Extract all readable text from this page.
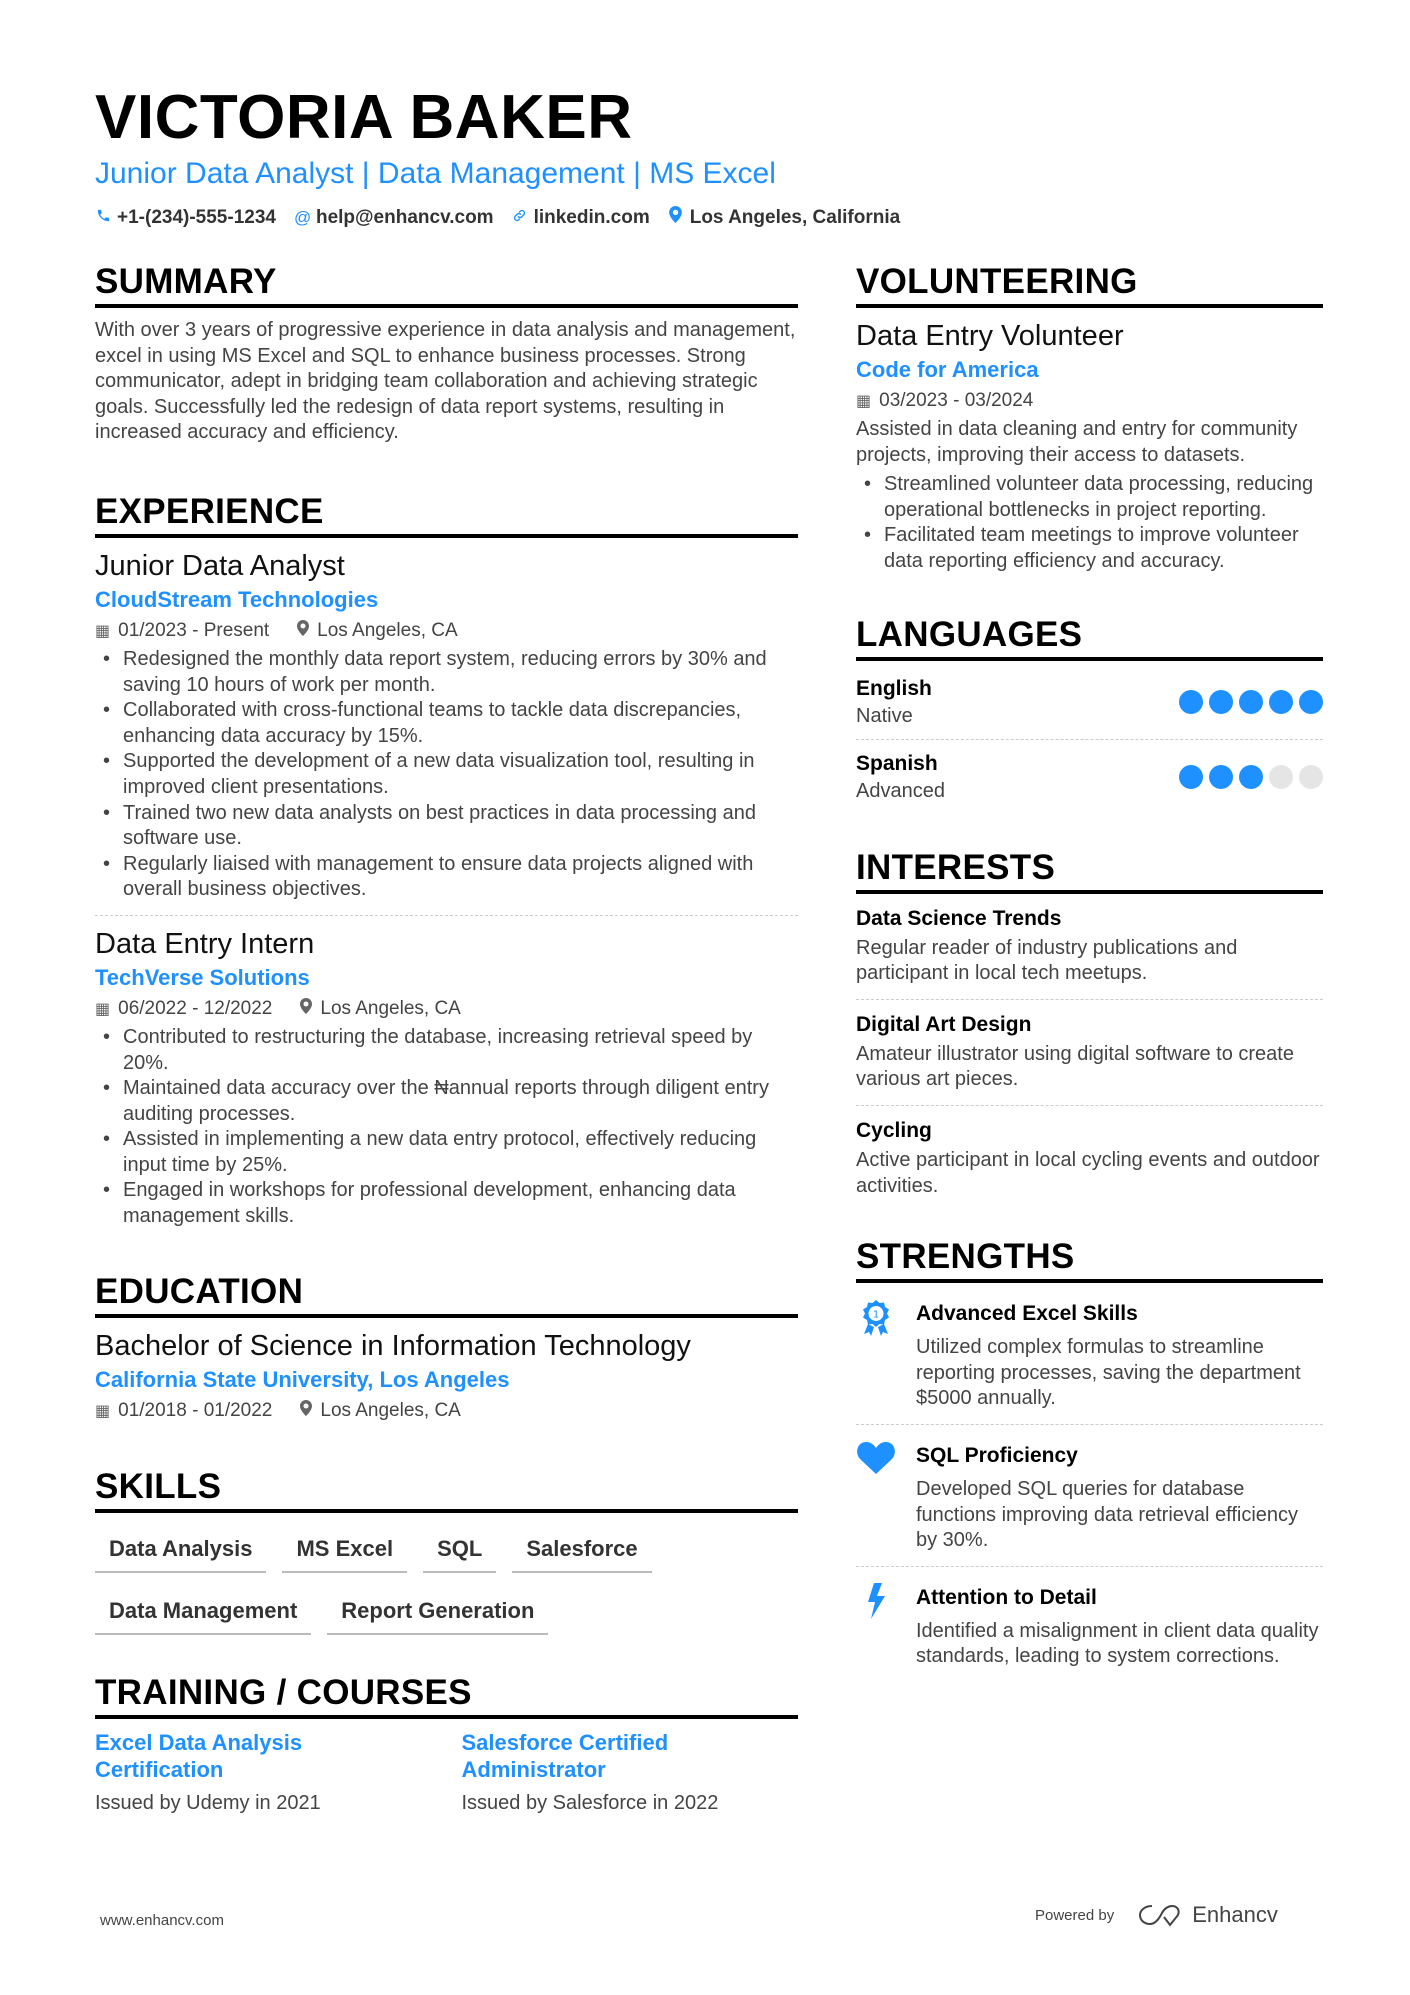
VICTORIA BAKER
Junior Data Analyst | Data Management | MS Excel
+1-(234)-555-1234 @ help@enhancv.com linkedin.com Los Angeles, California
SUMMARY
With over 3 years of progressive experience in data analysis and management, excel in using MS Excel and SQL to enhance business processes. Strong communicator, adept in bridging team collaboration and achieving strategic goals. Successfully led the redesign of data report systems, resulting in increased accuracy and efficiency.
EXPERIENCE
Junior Data Analyst
CloudStream Technologies
▦ 01/2023 - Present	Los Angeles, CA
• Redesigned the monthly data report system, reducing errors by 30% and saving 10 hours of work per month.
• Collaborated with cross-functional teams to tackle data discrepancies, enhancing data accuracy by 15%.
• Supported the development of a new data visualization tool, resulting in improved client presentations.
• Trained two new data analysts on best practices in data processing and software use.
• Regularly liaised with management to ensure data projects aligned with overall business objectives.
Data Entry Intern
TechVerse Solutions
▦ 06/2022 - 12/2022	Los Angeles, CA
• Contributed to restructuring the database, increasing retrieval speed by 20%.
• Maintained data accuracy over the ₦annual reports through diligent entry auditing processes.
• Assisted in implementing a new data entry protocol, effectively reducing input time by 25%.
• Engaged in workshops for professional development, enhancing data management skills.
EDUCATION
Bachelor of Science in Information Technology
California State University, Los Angeles
▦ 01/2018 - 01/2022	Los Angeles, CA
SKILLS
Data Analysis	MS Excel	SQL	Salesforce
Data Management	Report Generation
TRAINING / COURSES
Excel Data Analysis Certification
Issued by Udemy in 2021
Salesforce Certified Administrator
Issued by Salesforce in 2022
VOLUNTEERING
Data Entry Volunteer
Code for America
▦ 03/2023 - 03/2024
Assisted in data cleaning and entry for community projects, improving their access to datasets.
• Streamlined volunteer data processing, reducing operational bottlenecks in project reporting.
• Facilitated team meetings to improve volunteer data reporting efficiency and accuracy.
LANGUAGES
English
Native
Spanish
Advanced
INTERESTS
Data Science Trends
Regular reader of industry publications and participant in local tech meetups.
Digital Art Design
Amateur illustrator using digital software to create various art pieces.
Cycling
Active participant in local cycling events and outdoor activities.
STRENGTHS
1 Advanced Excel Skills
Utilized complex formulas to streamline reporting processes, saving the department $5000 annually.
SQL Proficiency
Developed SQL queries for database functions improving data retrieval efficiency by 30%.
Attention to Detail
Identified a misalignment in client data quality standards, leading to system corrections.
www.enhancv.com	Powered by	Enhancv
